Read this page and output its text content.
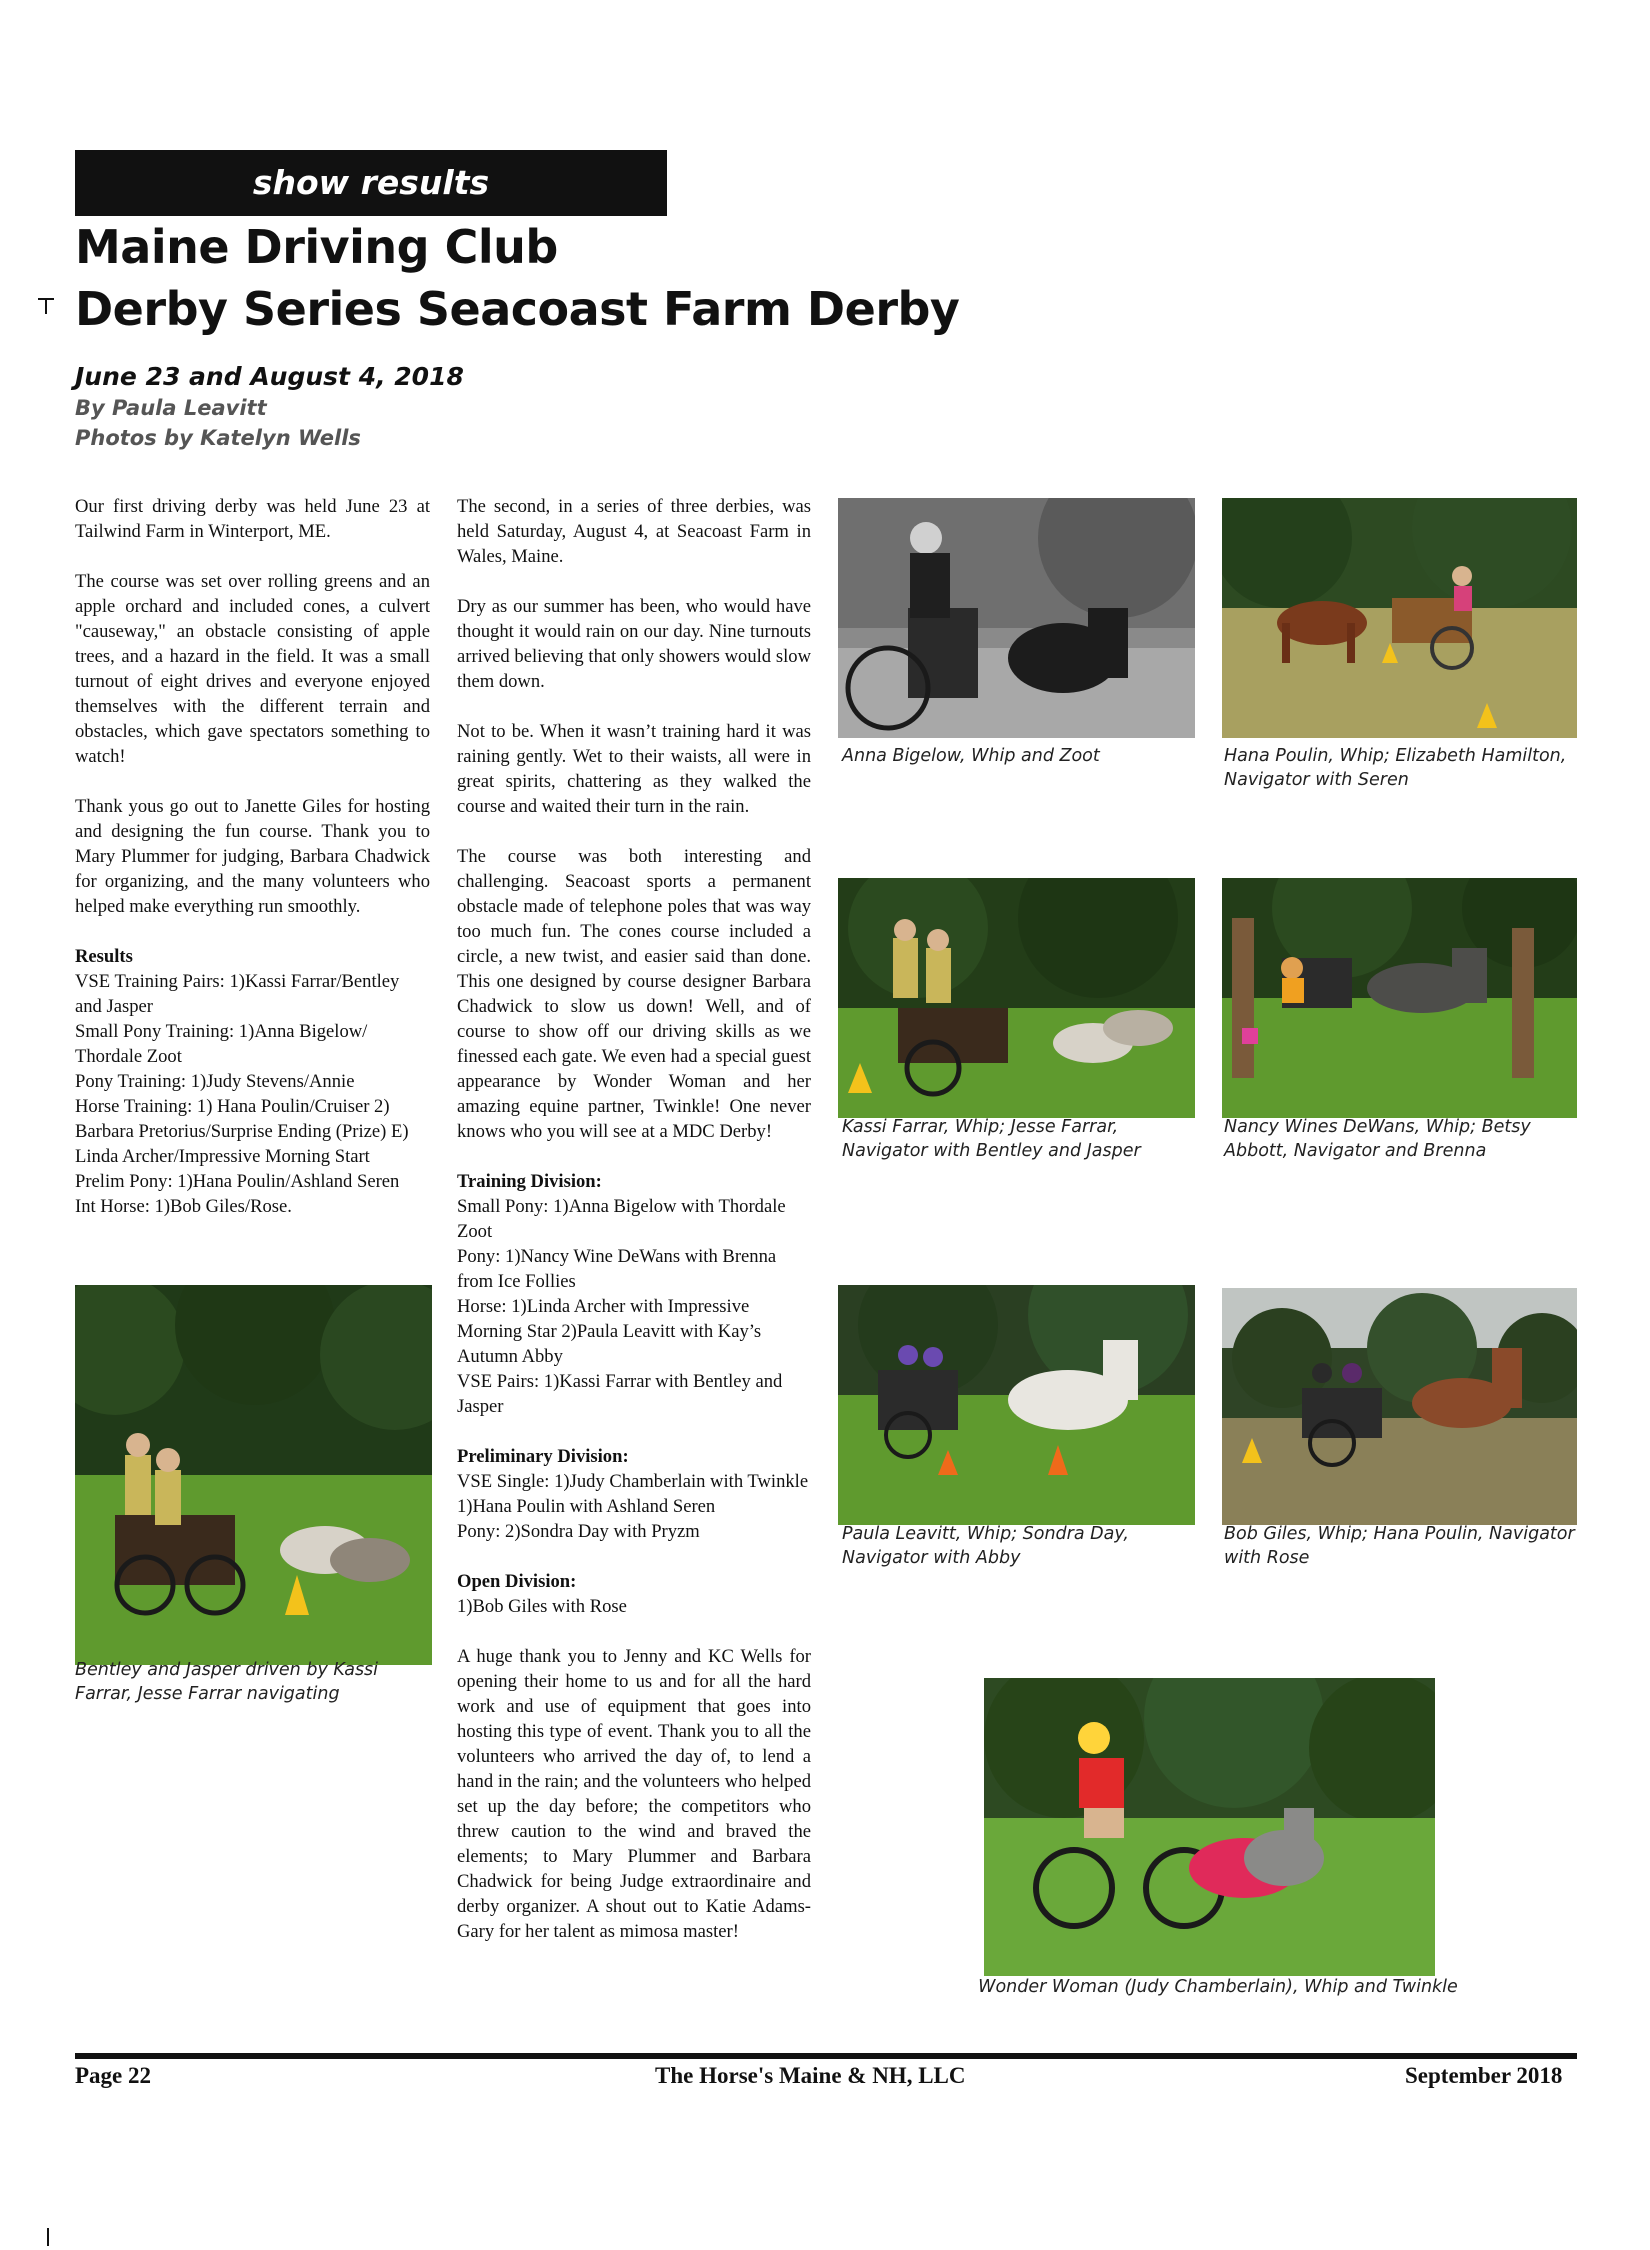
show results
Maine Driving Club
Derby Series Seacoast Farm Derby
June 23 and August 4, 2018
By Paula Leavitt
Photos by Katelyn Wells

Our first driving derby was held June 23 at Tailwind Farm in Winterport, ME.

The course was set over rolling greens and an apple orchard and included cones, a culvert "causeway," an obstacle consisting of apple trees, and a hazard in the field. It was a small turnout of eight drives and everyone enjoyed themselves with the different terrain and obstacles, which gave spectators something to watch!

Thank yous go out to Janette Giles for hosting and designing the fun course. Thank you to Mary Plummer for judging, Barbara Chadwick for organizing, and the many volunteers who helped make everything run smoothly.

Results
VSE Training Pairs: 1)Kassi Farrar/Bentley and Jasper
Small Pony Training: 1)Anna Bigelow/ Thordale Zoot
Pony Training: 1)Judy Stevens/Annie
Horse Training: 1) Hana Poulin/Cruiser 2) Barbara Pretorius/Surprise Ending (Prize) E) Linda Archer/Impressive Morning Start
Prelim Pony: 1)Hana Poulin/Ashland Seren
Int Horse: 1)Bob Giles/Rose.

The second, in a series of three derbies, was held Saturday, August 4, at Seacoast Farm in Wales, Maine.

Dry as our summer has been, who would have thought it would rain on our day. Nine turnouts arrived believing that only showers would slow them down.

Not to be. When it wasn’t training hard it was raining gently. Wet to their waists, all were in great spirits, chattering as they walked the course and waited their turn in the rain.

The course was both interesting and challenging. Seacoast sports a permanent obstacle made of telephone poles that was way too much fun. The cones course included a circle, a new twist, and easier said than done. This one designed by course designer Barbara Chadwick to slow us down! Well, and of course to show off our driving skills as we finessed each gate. We even had a special guest appearance by Wonder Woman and her amazing equine partner, Twinkle! One never knows who you will see at a MDC Derby!

Training Division:
Small Pony: 1)Anna Bigelow with Thordale Zoot
Pony: 1)Nancy Wine DeWans with Brenna from Ice Follies
Horse: 1)Linda Archer with Impressive Morning Star 2)Paula Leavitt with Kay’s Autumn Abby
VSE Pairs: 1)Kassi Farrar with Bentley and Jasper
Preliminary Division:
VSE Single: 1)Judy Chamberlain with Twinkle
1)Hana Poulin with Ashland Seren
Pony: 2)Sondra Day with Pryzm
Open Division:
1)Bob Giles with Rose

A huge thank you to Jenny and KC Wells for opening their home to us and for all the hard work and use of equipment that goes into hosting this type of event. Thank you to all the volunteers who arrived the day of, to lend a hand in the rain; and the volunteers who helped set up the day before; the competitors who threw caution to the wind and braved the elements; to Mary Plummer and Barbara Chadwick for being Judge extraordinaire and derby organizer. A shout out to Katie Adams-Gary for her talent as mimosa master!

Bentley and Jasper driven by Kassi
Farrar, Jesse Farrar navigating
Anna Bigelow, Whip and Zoot	Hana Poulin, Whip; Elizabeth Hamilton,
Navigator with Seren
Kassi Farrar, Whip; Jesse Farrar,
Navigator with Bentley and Jasper
Nancy Wines DeWans, Whip; Betsy
Abbott, Navigator and Brenna
Paula Leavitt, Whip; Sondra Day,
Navigator with Abby
Bob Giles, Whip; Hana Poulin, Navigator
with Rose
Wonder Woman (Judy Chamberlain), Whip and Twinkle
Page 22	The Horse's Maine & NH, LLC	September 2018
